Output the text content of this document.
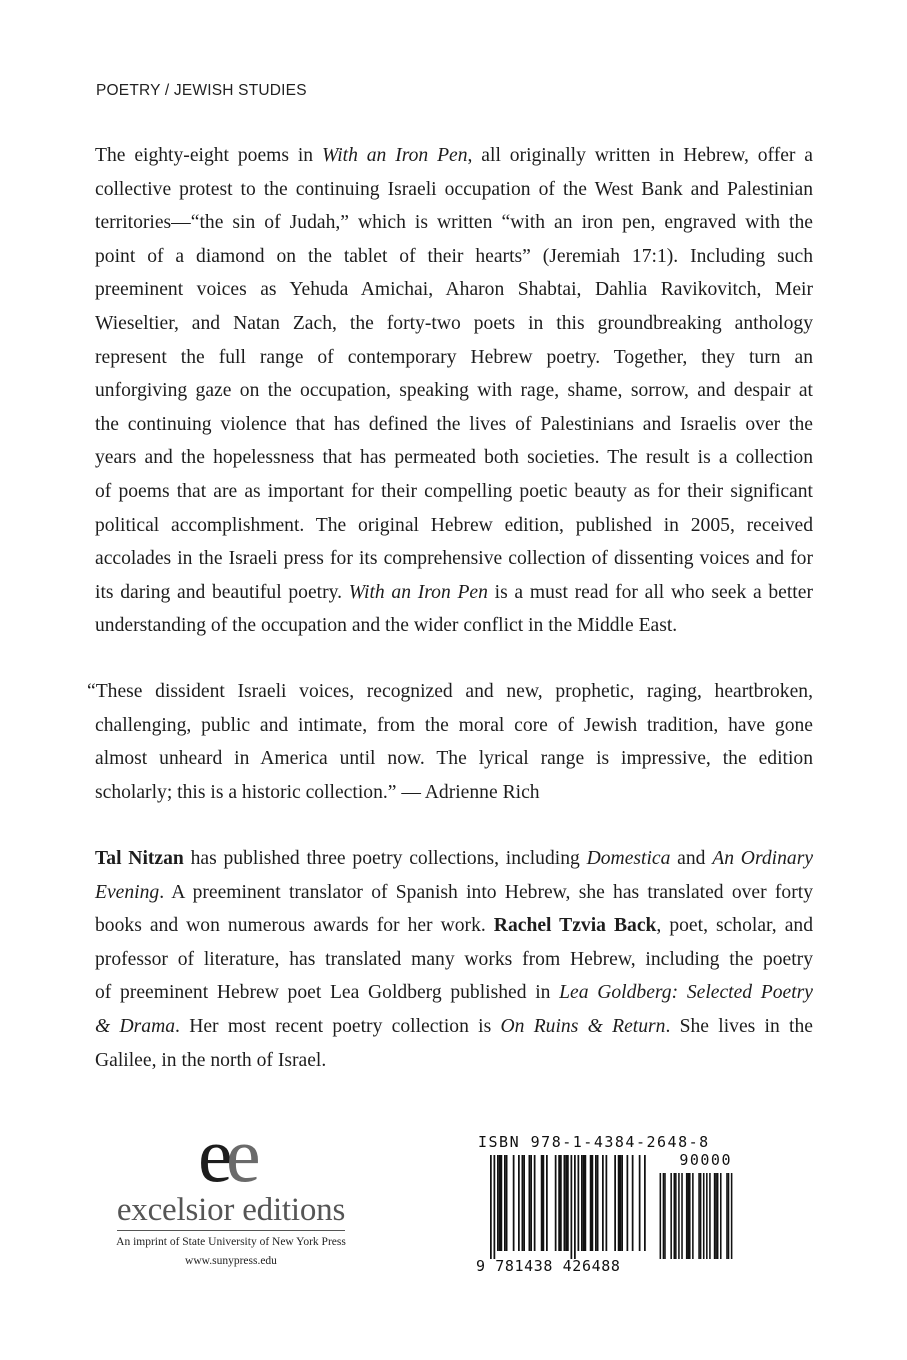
POETRY / JEWISH STUDIES
The eighty-eight poems in With an Iron Pen, all originally written in Hebrew, offer a
collective protest to the continuing Israeli occupation of the West Bank and Palestinian
territories—“the sin of Judah,” which is written “with an iron pen, engraved with the
point of a diamond on the tablet of their hearts” (Jeremiah 17:1). Including such
preeminent voices as Yehuda Amichai, Aharon Shabtai, Dahlia Ravikovitch, Meir
Wieseltier, and Natan Zach, the forty-two poets in this groundbreaking anthology
represent the full range of contemporary Hebrew poetry. Together, they turn an
unforgiving gaze on the occupation, speaking with rage, shame, sorrow, and despair at
the continuing violence that has defined the lives of Palestinians and Israelis over the
years and the hopelessness that has permeated both societies. The result is a collection
of poems that are as important for their compelling poetic beauty as for their significant
political accomplishment. The original Hebrew edition, published in 2005, received
accolades in the Israeli press for its comprehensive collection of dissenting voices and for
its daring and beautiful poetry. With an Iron Pen is a must read for all who seek a better
understanding of the occupation and the wider conflict in the Middle East.
“These dissident Israeli voices, recognized and new, prophetic, raging, heartbroken,
challenging, public and intimate, from the moral core of Jewish tradition, have gone
almost unheard in America until now. The lyrical range is impressive, the edition
scholarly; this is a historic collection.” — Adrienne Rich
Tal Nitzan has published three poetry collections, including Domestica and An Ordinary
Evening. A preeminent translator of Spanish into Hebrew, she has translated over forty
books and won numerous awards for her work. Rachel Tzvia Back, poet, scholar, and
professor of literature, has translated many works from Hebrew, including the poetry
of preeminent Hebrew poet Lea Goldberg published in Lea Goldberg: Selected Poetry
& Drama. Her most recent poetry collection is On Ruins & Return. She lives in the
Galilee, in the north of Israel.
e
e
excelsior editions
An imprint of State University of New York Press
www.sunypress.edu
ISBN 978-1-4384-2648-8
90000
9 781438 426488
